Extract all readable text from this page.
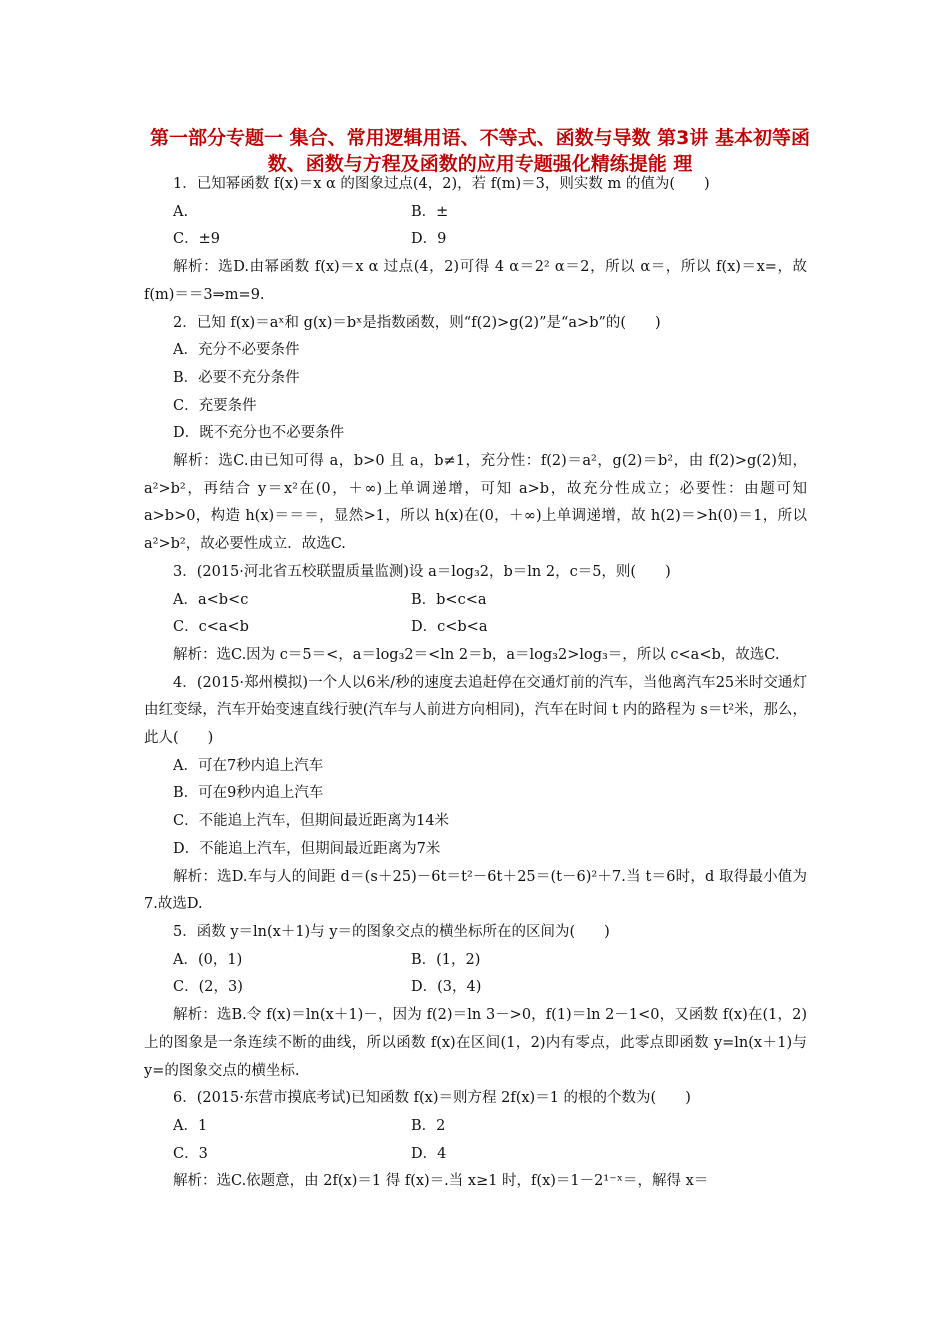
第一部分专题一 集合、常用逻辑用语、不等式、函数与导数 第3讲 基本初等函数、函数与方程及函数的应用专题强化精练提能 理

1．已知幂函数 f(x)＝x α 的图象过点(4，2)，若 f(m)＝3，则实数 m 的值为(　　)

A.	B．±
C．±9	D．9

解析：选D.由幂函数 f(x)＝x α 过点(4，2)可得 4 α＝2² α＝2，所以 α＝，所以 f(x)＝x=，故 f(m)＝＝3⇒m=9.

2．已知 f(x)＝aˣ和 g(x)＝bˣ是指数函数，则“f(2)>g(2)”是“a>b”的(　　)

A．充分不必要条件

B．必要不充分条件

C．充要条件

D．既不充分也不必要条件

解析：选C.由已知可得 a，b>0 且 a，b≠1，充分性：f(2)＝a²，g(2)＝b²，由 f(2)>g(2)知，a²>b²，再结合 y＝x²在(0，＋∞)上单调递增，可知 a>b，故充分性成立；必要性：由题可知 a>b>0，构造 h(x)＝＝＝，显然>1，所以 h(x)在(0，＋∞)上单调递增，故 h(2)＝>h(0)＝1，所以 a²>b²，故必要性成立．故选C.

3．(2015·河北省五校联盟质量监测)设 a＝log₃2，b＝ln 2，c＝5，则(　　)

A．a<b<c	B．b<c<a
C．c<a<b	D．c<b<a

解析：选C.因为 c＝5＝<，a＝log₃2＝<ln 2＝b，a＝log₃2>log₃＝，所以 c<a<b，故选C.

4．(2015·郑州模拟)一个人以6米/秒的速度去追赶停在交通灯前的汽车，当他离汽车25米时交通灯由红变绿，汽车开始变速直线行驶(汽车与人前进方向相同)，汽车在时间 t 内的路程为 s＝t²米，那么，此人(　　)

A．可在7秒内追上汽车

B．可在9秒内追上汽车

C．不能追上汽车，但期间最近距离为14米

D．不能追上汽车，但期间最近距离为7米

解析：选D.车与人的间距 d＝(s＋25)－6t＝t²－6t＋25＝(t－6)²＋7.当 t＝6时，d 取得最小值为7.故选D.

5．函数 y＝ln(x＋1)与 y＝的图象交点的横坐标所在的区间为(　　)

A．(0，1)	B．(1，2)
C．(2，3)	D．(3，4)

解析：选B.令 f(x)＝ln(x＋1)－，因为 f(2)＝ln 3－>0，f(1)＝ln 2－1<0，又函数 f(x)在(1，2)上的图象是一条连续不断的曲线，所以函数 f(x)在区间(1，2)内有零点，此零点即函数 y=ln(x＋1)与 y=的图象交点的横坐标.

6．(2015·东营市摸底考试)已知函数 f(x)＝则方程 2f(x)＝1 的根的个数为(　　)

A．1	B．2
C．3	D．4

解析：选C.依题意，由 2f(x)＝1 得 f(x)＝.当 x≥1 时，f(x)＝1－2¹⁻ˣ＝，解得 x＝
